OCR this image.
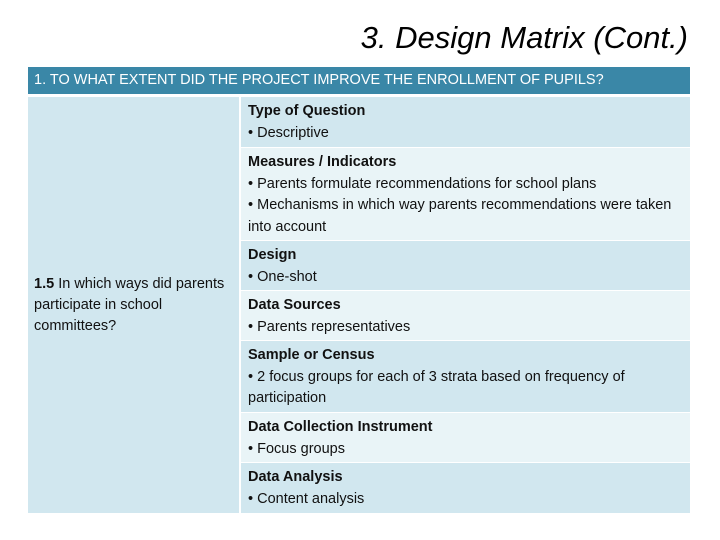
3. Design Matrix (Cont.)
1. TO WHAT EXTENT DID THE PROJECT IMPROVE THE ENROLLMENT OF PUPILS?

1.5 In which ways did parents participate in school committees?

Type of Question
• Descriptive
Measures / Indicators
• Parents formulate recommendations for school plans
• Mechanisms in which way parents recommendations were taken into account
Design
• One-shot
Data Sources
• Parents representatives
Sample or Census
• 2 focus groups for each of 3 strata based on frequency of participation
Data Collection Instrument
• Focus groups
Data Analysis
• Content analysis
